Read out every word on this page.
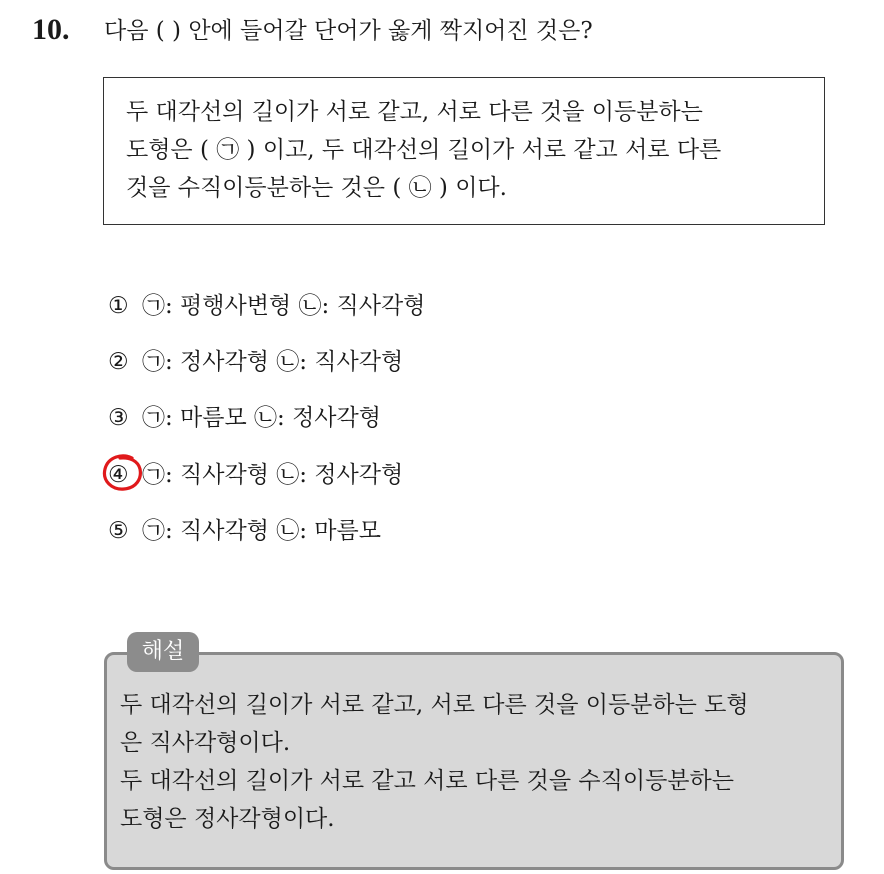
10. 다음 ( ) 안에 들어갈 단어가 옳게 짝지어진 것은?
두 대각선의 길이가 서로 같고, 서로 다른 것을 이등분하는
도형은 ( ㉠ ) 이고, 두 대각선의 길이가 서로 같고 서로 다른
것을 수직이등분하는 것은 ( ㉡ ) 이다.
① ㉠: 평행사변형 ㉡: 직사각형
② ㉠: 정사각형 ㉡: 직사각형
③ ㉠: 마름모 ㉡: 정사각형
④ ㉠: 직사각형 ㉡: 정사각형
⑤ ㉠: 직사각형 ㉡: 마름모
해설
두 대각선의 길이가 서로 같고, 서로 다른 것을 이등분하는 도형
은 직사각형이다.
두 대각선의 길이가 서로 같고 서로 다른 것을 수직이등분하는
도형은 정사각형이다.
